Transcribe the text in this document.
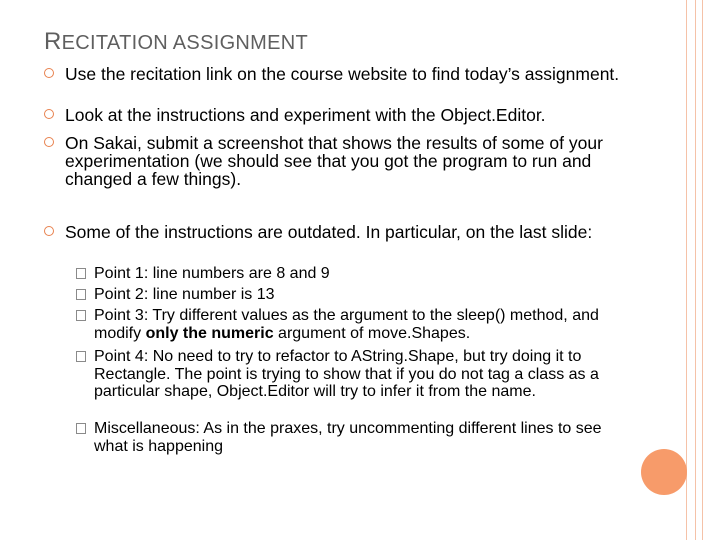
RECITATION ASSIGNMENT
Use the recitation link on the course website to find today’s assignment.
Look at the instructions and experiment with the Object.Editor.
On Sakai, submit a screenshot that shows the results of some of your experimentation (we should see that you got the program to run and changed a few things).
Some of the instructions are outdated. In particular, on the last slide:
Point 1: line numbers are 8 and 9
Point 2: line number is 13
Point 3: Try different values as the argument to the sleep() method, and modify only the numeric argument of move.Shapes.
Point 4: No need to try to refactor to AString.Shape, but try doing it to Rectangle. The point is trying to show that if you do not tag a class as a particular shape, Object.Editor will try to infer it from the name.
Miscellaneous: As in the praxes, try uncommenting different lines to see what is happening
